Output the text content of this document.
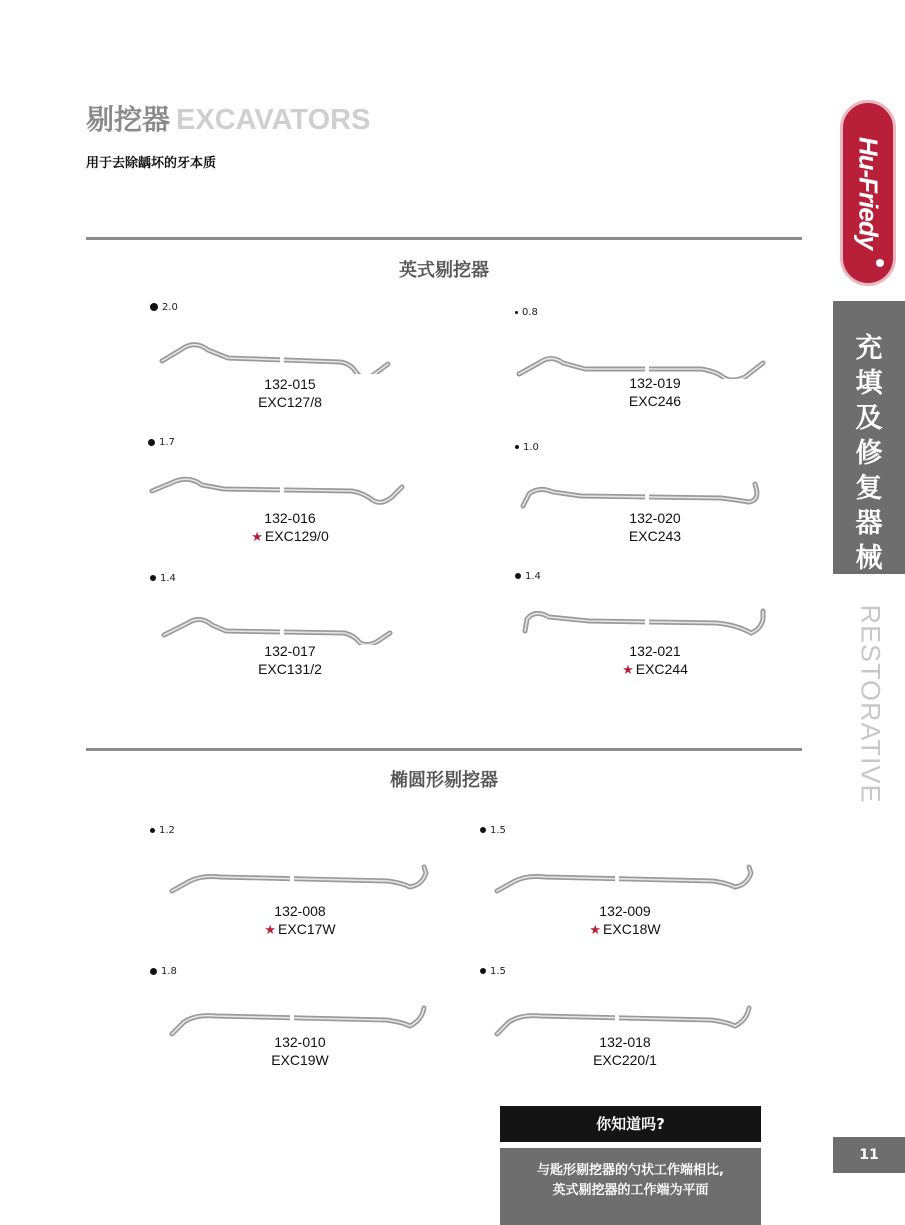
剔挖器 EXCAVATORS
用于去除龋坏的牙本质	Hu-Friedy
充
填
及
修
复
器
械
RESTORATIVE
11
英式剔挖器
2.0
132-015
EXC127/8
0.8
132-019
EXC246
1.7
132-016
★ EXC129/0
1.0
132-020
EXC243
1.4
132-017
EXC131/2
1.4
132-021
★ EXC244
椭圆形剔挖器
1.2
132-008
★ EXC17W
1.5
132-009
★ EXC18W
1.8
132-010
EXC19W
1.5
132-018
EXC220/1
你知道吗?
与匙形剔挖器的勺状工作端相比,
英式剔挖器的工作端为平面
